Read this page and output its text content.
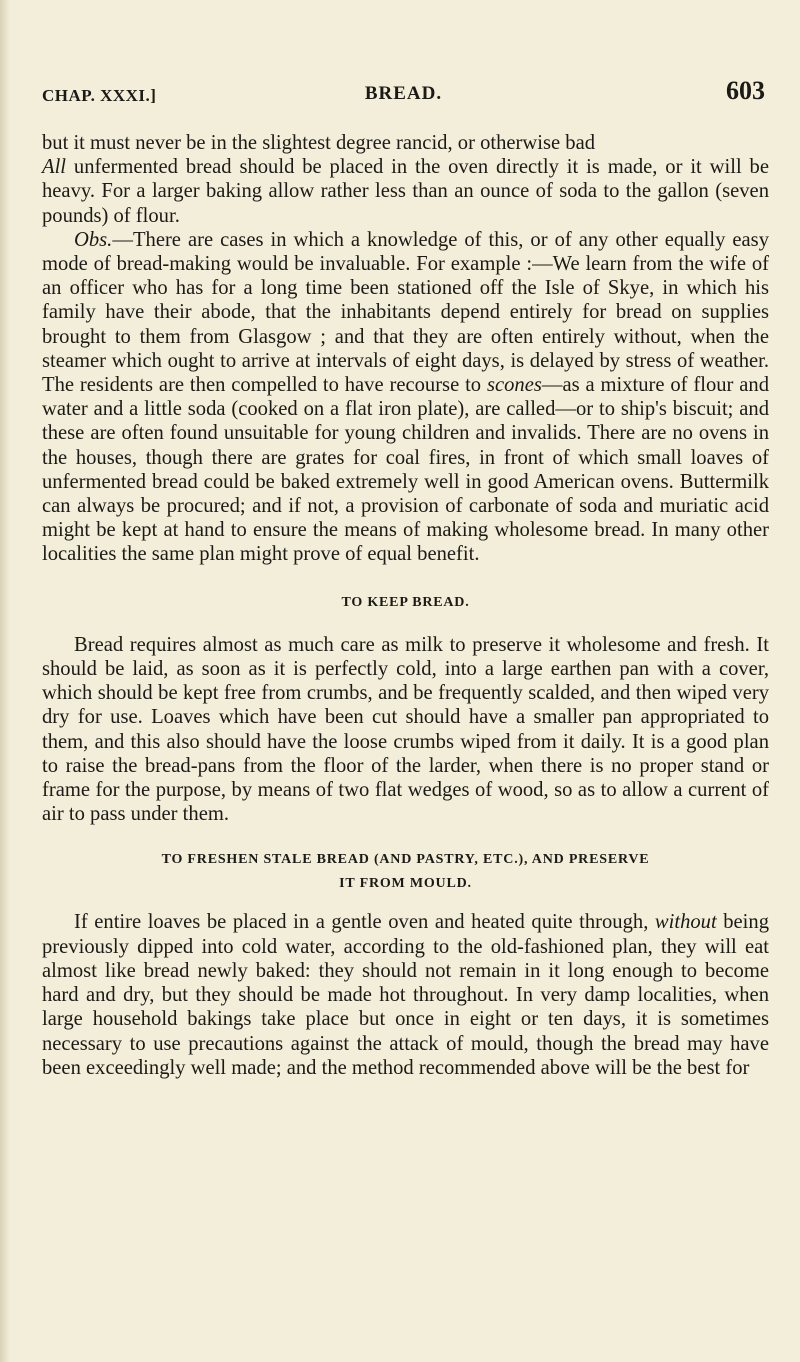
CHAP. XXXI.]	BREAD.	603

but it must never be in the slightest degree rancid, or otherwise bad

All unfermented bread should be placed in the oven directly it is made, or it will be heavy. For a larger baking allow rather less than an ounce of soda to the gallon (seven pounds) of flour.

Obs.—There are cases in which a knowledge of this, or of any other equally easy mode of bread-making would be invaluable. For example :—We learn from the wife of an officer who has for a long time been stationed off the Isle of Skye, in which his family have their abode, that the inhabitants depend entirely for bread on supplies brought to them from Glasgow ; and that they are often entirely without, when the steamer which ought to arrive at intervals of eight days, is delayed by stress of weather. The residents are then compelled to have recourse to scones—as a mixture of flour and water and a little soda (cooked on a flat iron plate), are called—or to ship's biscuit; and these are often found unsuitable for young children and invalids. There are no ovens in the houses, though there are grates for coal fires, in front of which small loaves of unfermented bread could be baked extremely well in good American ovens. Buttermilk can always be procured; and if not, a provision of carbonate of soda and muriatic acid might be kept at hand to ensure the means of making wholesome bread. In many other localities the same plan might prove of equal benefit.

TO KEEP BREAD.

Bread requires almost as much care as milk to preserve it wholesome and fresh. It should be laid, as soon as it is perfectly cold, into a large earthen pan with a cover, which should be kept free from crumbs, and be frequently scalded, and then wiped very dry for use. Loaves which have been cut should have a smaller pan appropriated to them, and this also should have the loose crumbs wiped from it daily. It is a good plan to raise the bread-pans from the floor of the larder, when there is no proper stand or frame for the purpose, by means of two flat wedges of wood, so as to allow a current of air to pass under them.

TO FRESHEN STALE BREAD (AND PASTRY, ETC.), AND PRESERVE
IT FROM MOULD.

If entire loaves be placed in a gentle oven and heated quite through, without being previously dipped into cold water, according to the old-fashioned plan, they will eat almost like bread newly baked: they should not remain in it long enough to become hard and dry, but they should be made hot throughout. In very damp localities, when large household bakings take place but once in eight or ten days, it is sometimes necessary to use precautions against the attack of mould, though the bread may have been exceedingly well made; and the method recommended above will be the best for
